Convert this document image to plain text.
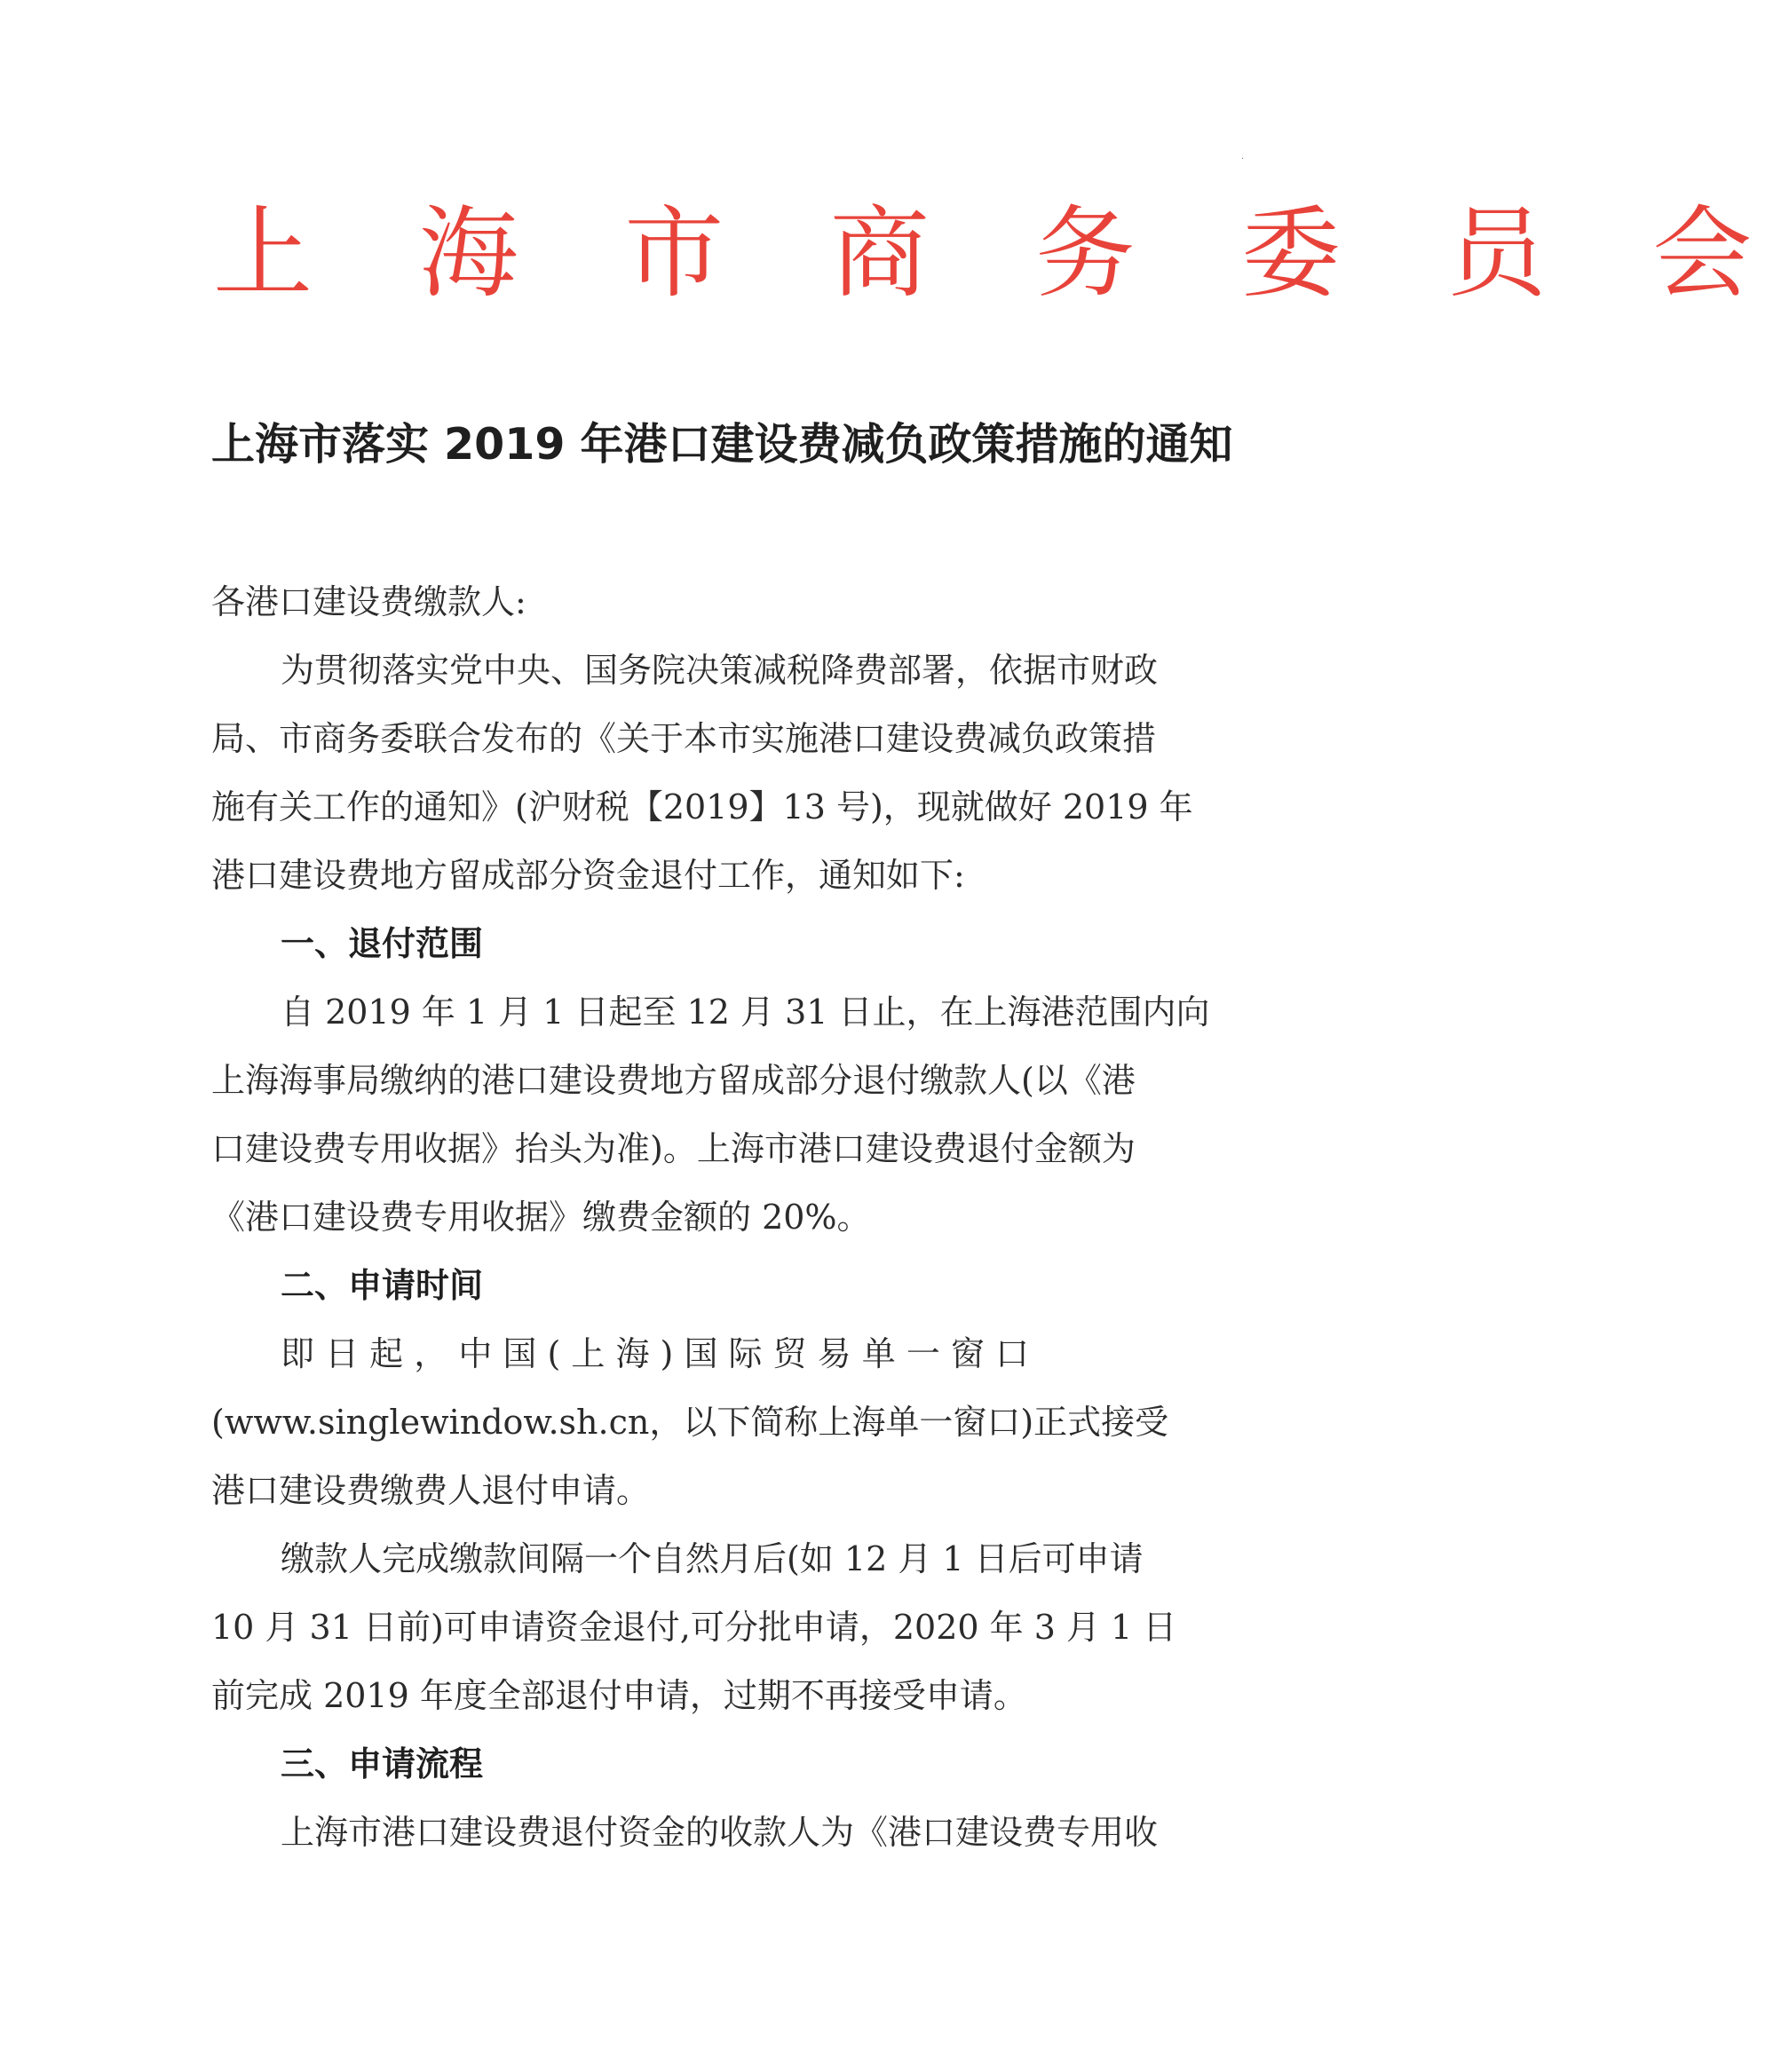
上 海 市 商 务 委 员 会
上海市落实 2019 年港口建设费减负政策措施的通知
·

各港口建设费缴款人:

为贯彻落实党中央、国务院决策减税降费部署，依据市财政

局、市商务委联合发布的《关于本市实施港口建设费减负政策措

施有关工作的通知》(沪财税【2019】13 号)，现就做好 2019 年

港口建设费地方留成部分资金退付工作，通知如下:

一、退付范围

自 2019 年 1 月 1 日起至 12 月 31 日止，在上海港范围内向

上海海事局缴纳的港口建设费地方留成部分退付缴款人(以《港

口建设费专用收据》抬头为准)。上海市港口建设费退付金额为

《港口建设费专用收据》缴费金额的 20%。

二、申请时间

即 日 起 ， 中 国 ( 上 海 ) 国 际 贸 易 单 一 窗 口

(www.singlewindow.sh.cn，以下简称上海单一窗口)正式接受

港口建设费缴费人退付申请。

缴款人完成缴款间隔一个自然月后(如 12 月 1 日后可申请

10 月 31 日前)可申请资金退付,可分批申请，2020 年 3 月 1 日

前完成 2019 年度全部退付申请，过期不再接受申请。

三、申请流程

上海市港口建设费退付资金的收款人为《港口建设费专用收
